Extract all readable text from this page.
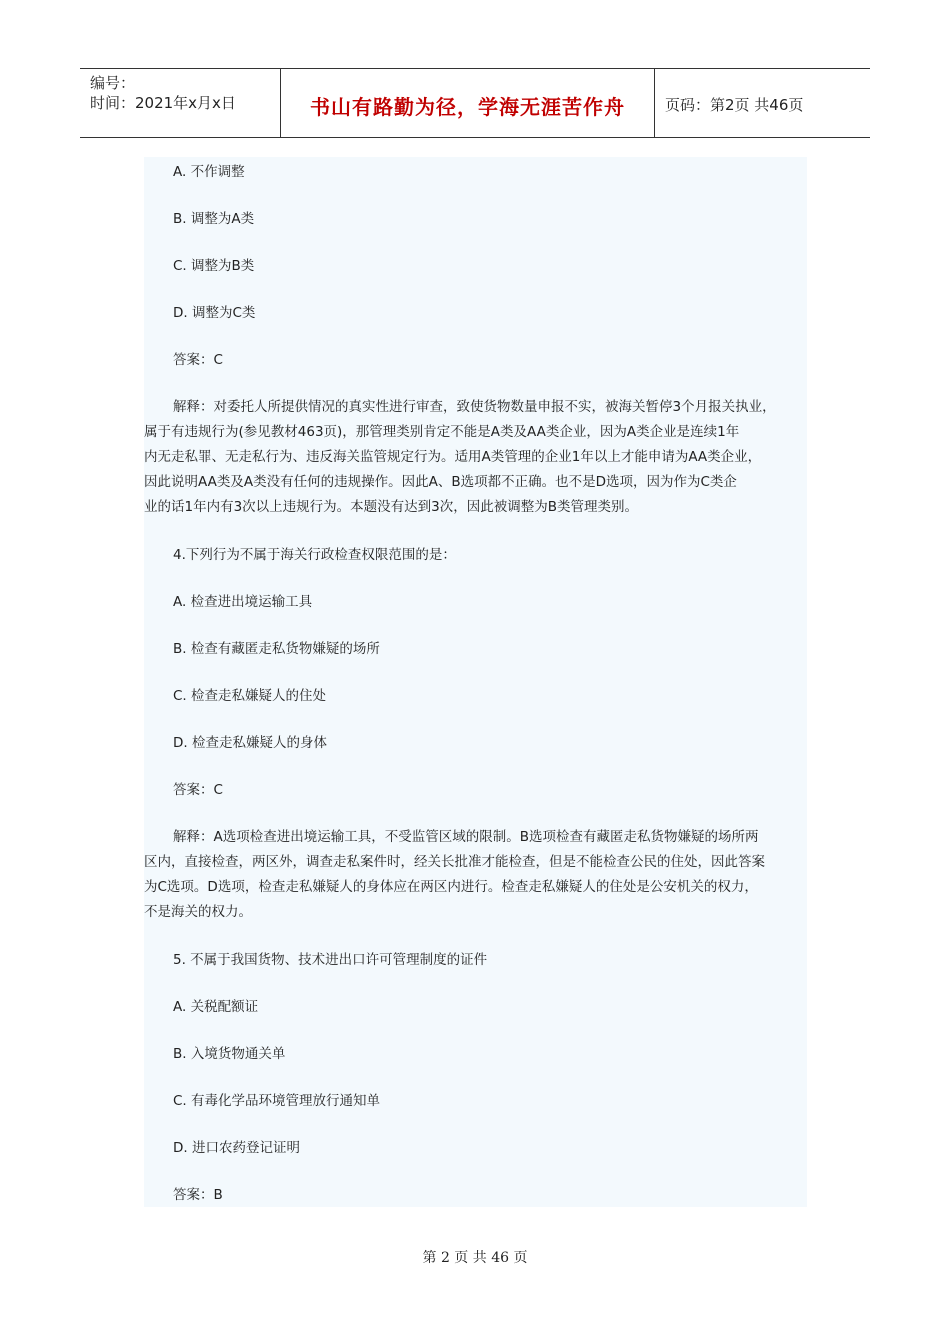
编号：
时间：2021年x月x日	书山有路勤为径，学海无涯苦作舟	页码：第2页 共46页
A. 不作调整
B. 调整为A类
C. 调整为B类
D. 调整为C类
答案：C
解释：对委托人所提供情况的真实性进行审查，致使货物数量申报不实，被海关暂停3个月报关执业，
属于有违规行为(参见教材463页)，那管理类别肯定不能是A类及AA类企业，因为A类企业是连续1年
内无走私罪、无走私行为、违反海关监管规定行为。适用A类管理的企业1年以上才能申请为AA类企业，
因此说明AA类及A类没有任何的违规操作。因此A、B选项都不正确。也不是D选项，因为作为C类企
业的话1年内有3次以上违规行为。本题没有达到3次，因此被调整为B类管理类别。
4.下列行为不属于海关行政检查权限范围的是：
A. 检查进出境运输工具
B. 检查有藏匿走私货物嫌疑的场所
C. 检查走私嫌疑人的住处
D. 检查走私嫌疑人的身体
答案：C
解释：A选项检查进出境运输工具，不受监管区域的限制。B选项检查有藏匿走私货物嫌疑的场所两
区内，直接检查，两区外，调查走私案件时，经关长批准才能检查，但是不能检查公民的住处，因此答案
为C选项。D选项，检查走私嫌疑人的身体应在两区内进行。检查走私嫌疑人的住处是公安机关的权力，
不是海关的权力。
5. 不属于我国货物、技术进出口许可管理制度的证件
A. 关税配额证
B. 入境货物通关单
C. 有毒化学品环境管理放行通知单
D. 进口农药登记证明
答案：B
第 2 页 共 46 页
